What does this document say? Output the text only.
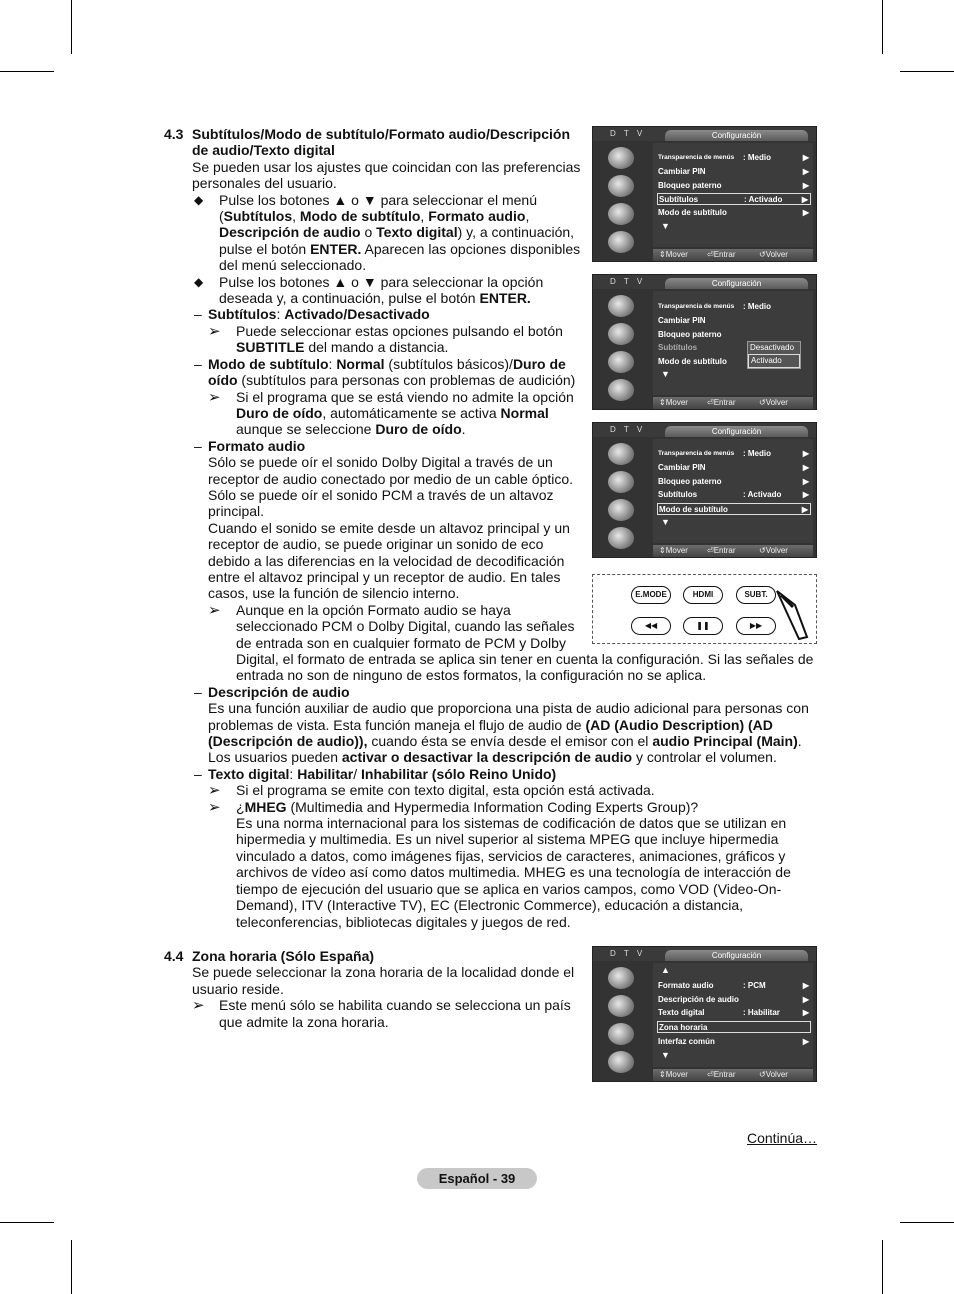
4.3 Subtítulos/Modo de subtítulo/Formato audio/Descripción de audio/Texto digital

Se pueden usar los ajustes que coincidan con las preferencias personales del usuario.

◆ Pulse los botones ▲ o ▼ para seleccionar el menú (Subtítulos, Modo de subtítulo, Formato audio, Descripción de audio o Texto digital) y, a continuación, pulse el botón ENTER. Aparecen las opciones disponibles del menú seleccionado.

◆ Pulse los botones ▲ o ▼ para seleccionar la opción deseada y, a continuación, pulse el botón ENTER.

– Subtítulos: Activado/Desactivado

➢ Puede seleccionar estas opciones pulsando el botón SUBTITLE del mando a distancia.

– Modo de subtítulo: Normal (subtítulos básicos)/Duro de oído (subtítulos para personas con problemas de audición)

➢ Si el programa que se está viendo no admite la opción Duro de oído, automáticamente se activa Normal aunque se seleccione Duro de oído.

– Formato audio

Sólo se puede oír el sonido Dolby Digital a través de un receptor de audio conectado por medio de un cable óptico. Sólo se puede oír el sonido PCM a través de un altavoz principal.

Cuando el sonido se emite desde un altavoz principal y un receptor de audio, se puede originar un sonido de eco debido a las diferencias en la velocidad de decodificación entre el altavoz principal y un receptor de audio. En tales casos, use la función de silencio interno.

➢ Aunque en la opción Formato audio se haya seleccionado PCM o Dolby Digital, cuando las señales de entrada son en cualquier formato de PCM y Dolby

Digital, el formato de entrada se aplica sin tener en cuenta la configuración. Si las señales de entrada no son de ninguno de estos formatos, la configuración no se aplica.

– Descripción de audio

Es una función auxiliar de audio que proporciona una pista de audio adicional para personas con problemas de vista. Esta función maneja el flujo de audio de (AD (Audio Description) (AD (Descripción de audio)), cuando ésta se envía desde el emisor con el audio Principal (Main). Los usuarios pueden activar o desactivar la descripción de audio y controlar el volumen.

– Texto digital: Habilitar/ Inhabilitar (sólo Reino Unido)

➢ Si el programa se emite con texto digital, esta opción está activada.

➢ ¿MHEG (Multimedia and Hypermedia Information Coding Experts Group)?

Es una norma internacional para los sistemas de codificación de datos que se utilizan en hipermedia y multimedia. Es un nivel superior al sistema MPEG que incluye hipermedia vinculado a datos, como imágenes fijas, servicios de caracteres, animaciones, gráficos y archivos de vídeo así como datos multimedia. MHEG es una tecnología de interacción de tiempo de ejecución del usuario que se aplica en varios campos, como VOD (Video-On-Demand), ITV (Interactive TV), EC (Electronic Commerce), educación a distancia, teleconferencias, bibliotecas digitales y juegos de red.

4.4 Zona horaria (Sólo España)

Se puede seleccionar la zona horaria de la localidad donde el usuario reside.

➢ Este menú sólo se habilita cuando se selecciona un país que admite la zona horaria.

D T V	Configuración
Transparencia de menús : Medio	▶
Cambiar PIN	▶
Bloqueo paterno	▶
Subtítulos	: Activado ▶
Modo de subtítulo	▶
▼
⇕ Mover ⏎ Entrar	↺ Volver
D T V	Configuración
Transparencia de menús : Medio
Cambiar PIN
Bloqueo paterno
Subtítulos
Modo de subtítulo
▼
Desactivado
Activado
⇕ Mover ⏎ Entrar	↺ Volver
D T V	Configuración
Transparencia de menús : Medio	▶
Cambiar PIN	▶
Bloqueo paterno	▶
Subtítulos	: Activado	▶
Modo de subtítulo	▶
▼
⇕ Mover ⏎ Entrar	↺ Volver
E.MODE	HDMI	SUBT.
◀◀	❚❚	▶▶
D T V	Configuración
▲
Formato audio	: PCM	▶
Descripción de audio	▶
Texto digital	: Habilitar	▶
Zona horaria
Interfaz común	▶
▼
⇕ Mover ⏎ Entrar	↺ Volver
Continúa…
Español - 39
